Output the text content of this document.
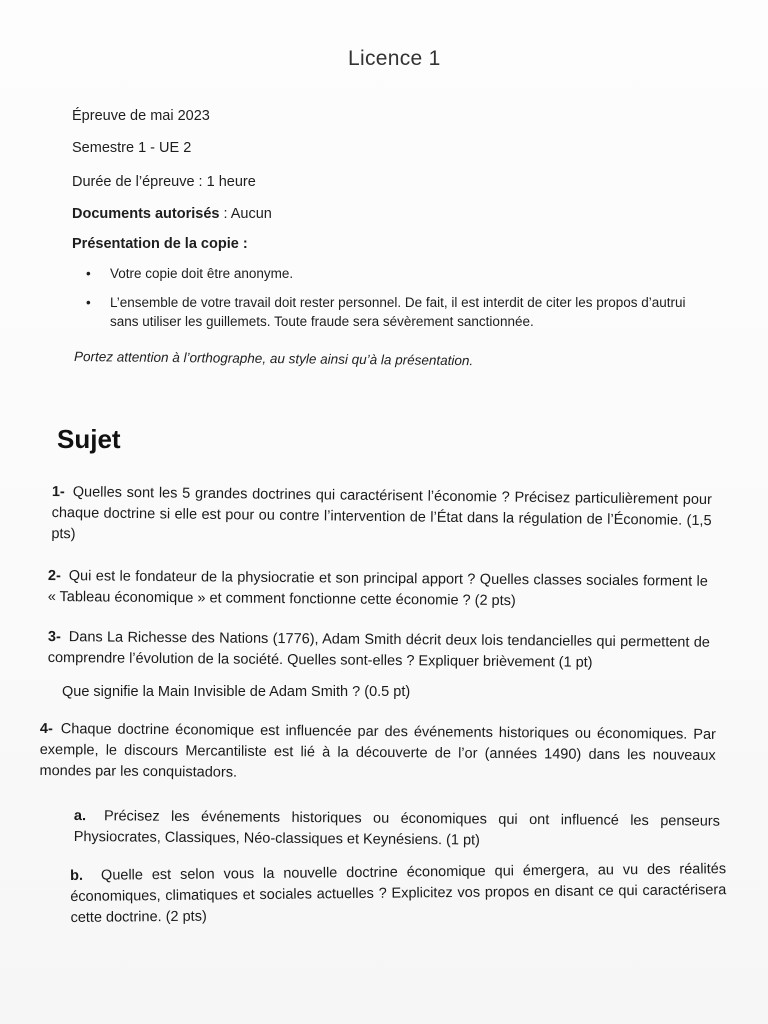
Licence 1
Épreuve de mai 2023
Semestre 1 - UE 2
Durée de l’épreuve : 1 heure
Documents autorisés : Aucun
Présentation de la copie :
• Votre copie doit être anonyme.
• L’ensemble de votre travail doit rester personnel. De fait, il est interdit de citer les propos d’autrui sans utiliser les guillemets. Toute fraude sera sévèrement sanctionnée.
Portez attention à l’orthographe, au style ainsi qu’à la présentation.
Sujet
1- Quelles sont les 5 grandes doctrines qui caractérisent l’économie ? Précisez particulièrement pour chaque doctrine si elle est pour ou contre l’intervention de l’État dans la régulation de l’Économie. (1,5 pts)
2- Qui est le fondateur de la physiocratie et son principal apport ? Quelles classes sociales forment le « Tableau économique » et comment fonctionne cette économie ? (2 pts)
3- Dans La Richesse des Nations (1776), Adam Smith décrit deux lois tendancielles qui permettent de comprendre l’évolution de la société. Quelles sont-elles ? Expliquer brièvement (1 pt)
Que signifie la Main Invisible de Adam Smith ? (0.5 pt)
4- Chaque doctrine économique est influencée par des événements historiques ou économiques. Par exemple, le discours Mercantiliste est lié à la découverte de l’or (années 1490) dans les nouveaux mondes par les conquistadors.
a. Précisez les événements historiques ou économiques qui ont influencé les penseurs Physiocrates, Classiques, Néo-classiques et Keynésiens. (1 pt)
b. Quelle est selon vous la nouvelle doctrine économique qui émergera, au vu des réalités économiques, climatiques et sociales actuelles ? Explicitez vos propos en disant ce qui caractérisera cette doctrine. (2 pts)
